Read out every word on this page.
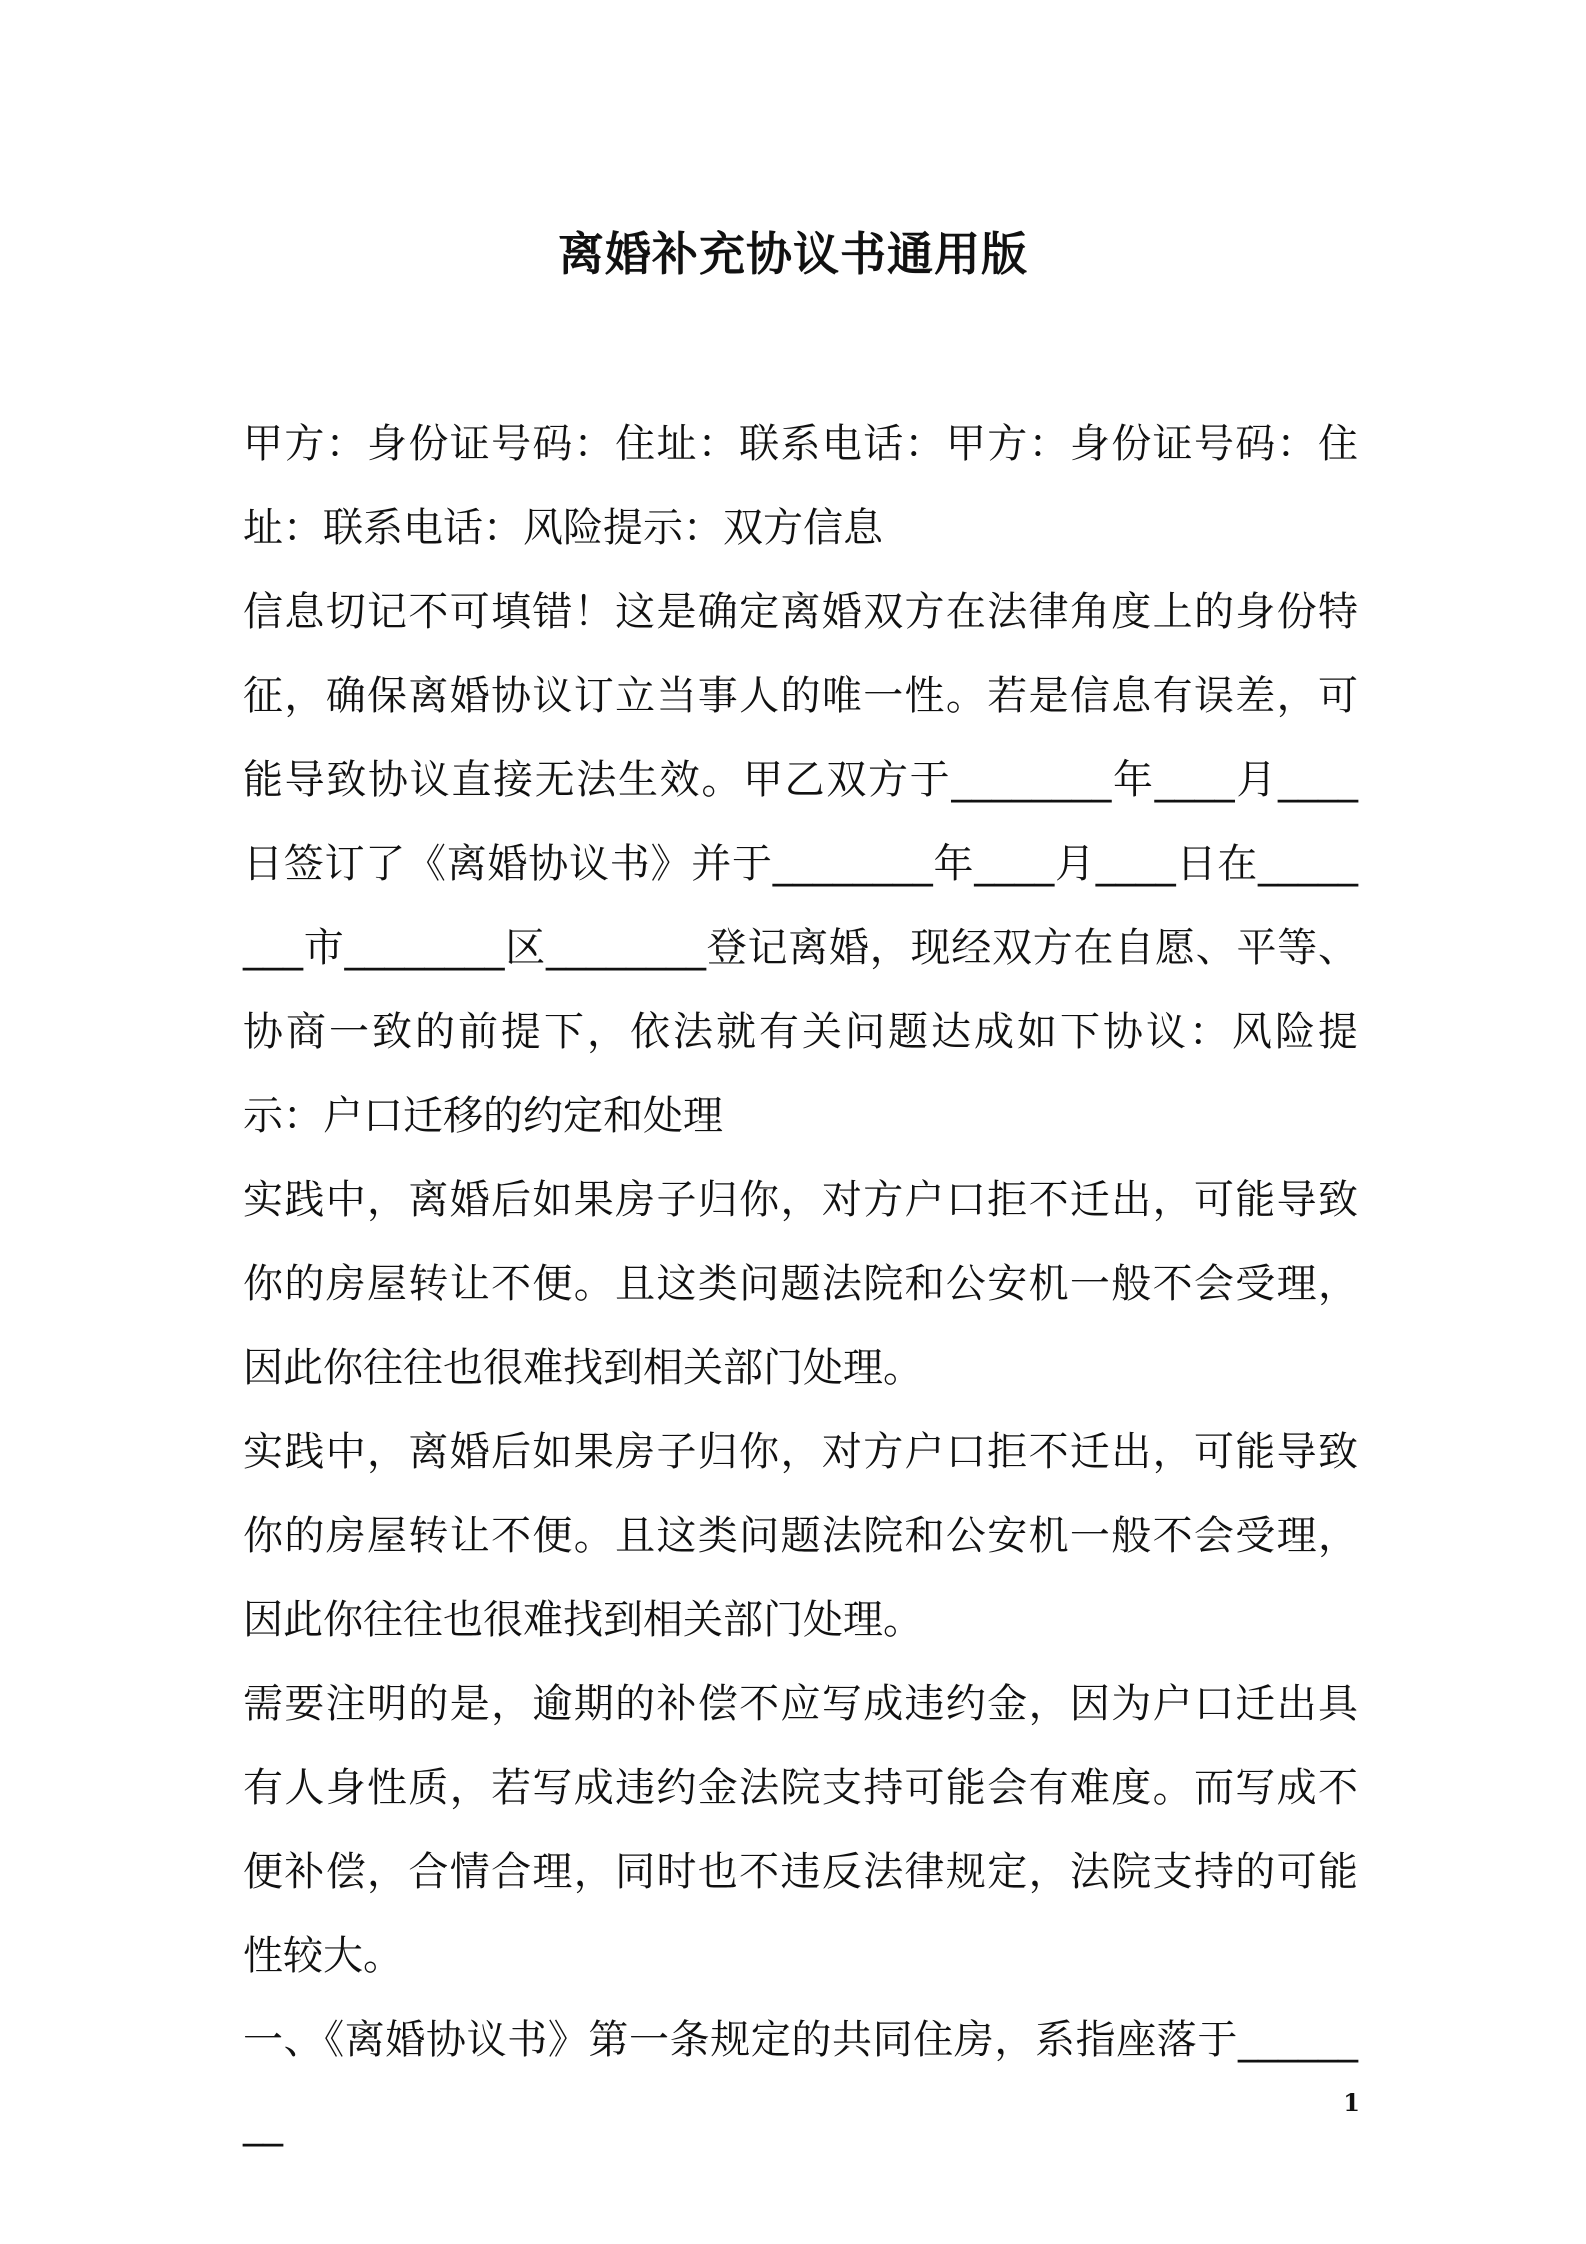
离婚补充协议书通用版

甲方：身份证号码：住址：联系电话：甲方：身份证号码：住址：联系电话：风险提示：双方信息

信息切记不可填错！这是确定离婚双方在法律角度上的身份特征，确保离婚协议订立当事人的唯一性。若是信息有误差，可能导致协议直接无法生效。甲乙双方于________年____月____日签订了《离婚协议书》并于________年____月____日在________市________区________登记离婚，现经双方在自愿、平等、协商一致的前提下，依法就有关问题达成如下协议：风险提示：户口迁移的约定和处理

实践中，离婚后如果房子归你，对方户口拒不迁出，可能导致你的房屋转让不便。且这类问题法院和公安机一般不会受理，因此你往往也很难找到相关部门处理。

实践中，离婚后如果房子归你，对方户口拒不迁出，可能导致你的房屋转让不便。且这类问题法院和公安机一般不会受理，因此你往往也很难找到相关部门处理。

需要注明的是，逾期的补偿不应写成违约金，因为户口迁出具有人身性质，若写成违约金法院支持可能会有难度。而写成不便补偿，合情合理，同时也不违反法律规定，法院支持的可能性较大。

一、《离婚协议书》第一条规定的共同住房，系指座落于________	1
